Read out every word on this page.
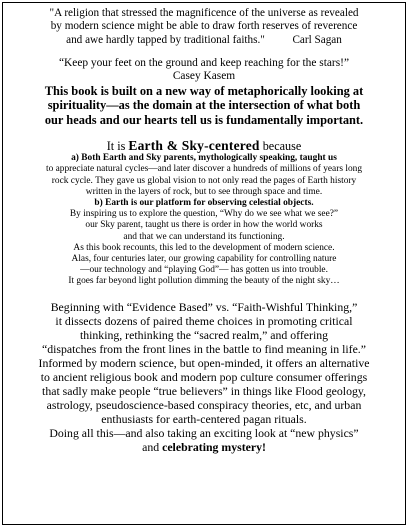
"A religion that stressed the magnificence of the universe as revealed
by modern science might be able to draw forth reserves of reverence
and awe hardly tapped by traditional faiths." Carl Sagan
“Keep your feet on the ground and keep reaching for the stars!”
Casey Kasem
This book is built on a new way of metaphorically looking at
spirituality—as the domain at the intersection of what both
our heads and our hearts tell us is fundamentally important.
It is Earth & Sky-centered because
a) Both Earth and Sky parents, mythologically speaking, taught us
to appreciate natural cycles—and later discover a hundreds of millions of years long
rock cycle. They gave us global vision to not only read the pages of Earth history
written in the layers of rock, but to see through space and time.
b) Earth is our platform for observing celestial objects.
By inspiring us to explore the question, “Why do we see what we see?”
our Sky parent, taught us there is order in how the world works
and that we can understand its functioning.
As this book recounts, this led to the development of modern science.
Alas, four centuries later, our growing capability for controlling nature
—our technology and “playing God”— has gotten us into trouble.
It goes far beyond light pollution dimming the beauty of the night sky…
Beginning with “Evidence Based” vs. “Faith-Wishful Thinking,”
it dissects dozens of paired theme choices in promoting critical
thinking, rethinking the “sacred realm,” and offering
“dispatches from the front lines in the battle to find meaning in life.”
Informed by modern science, but open-minded, it offers an alternative
to ancient religious book and modern pop culture consumer offerings
that sadly make people “true believers” in things like Flood geology,
astrology, pseudoscience-based conspiracy theories, etc, and urban
enthusiasts for earth-centered pagan rituals.
Doing all this—and also taking an exciting look at “new physics”
and celebrating mystery!
